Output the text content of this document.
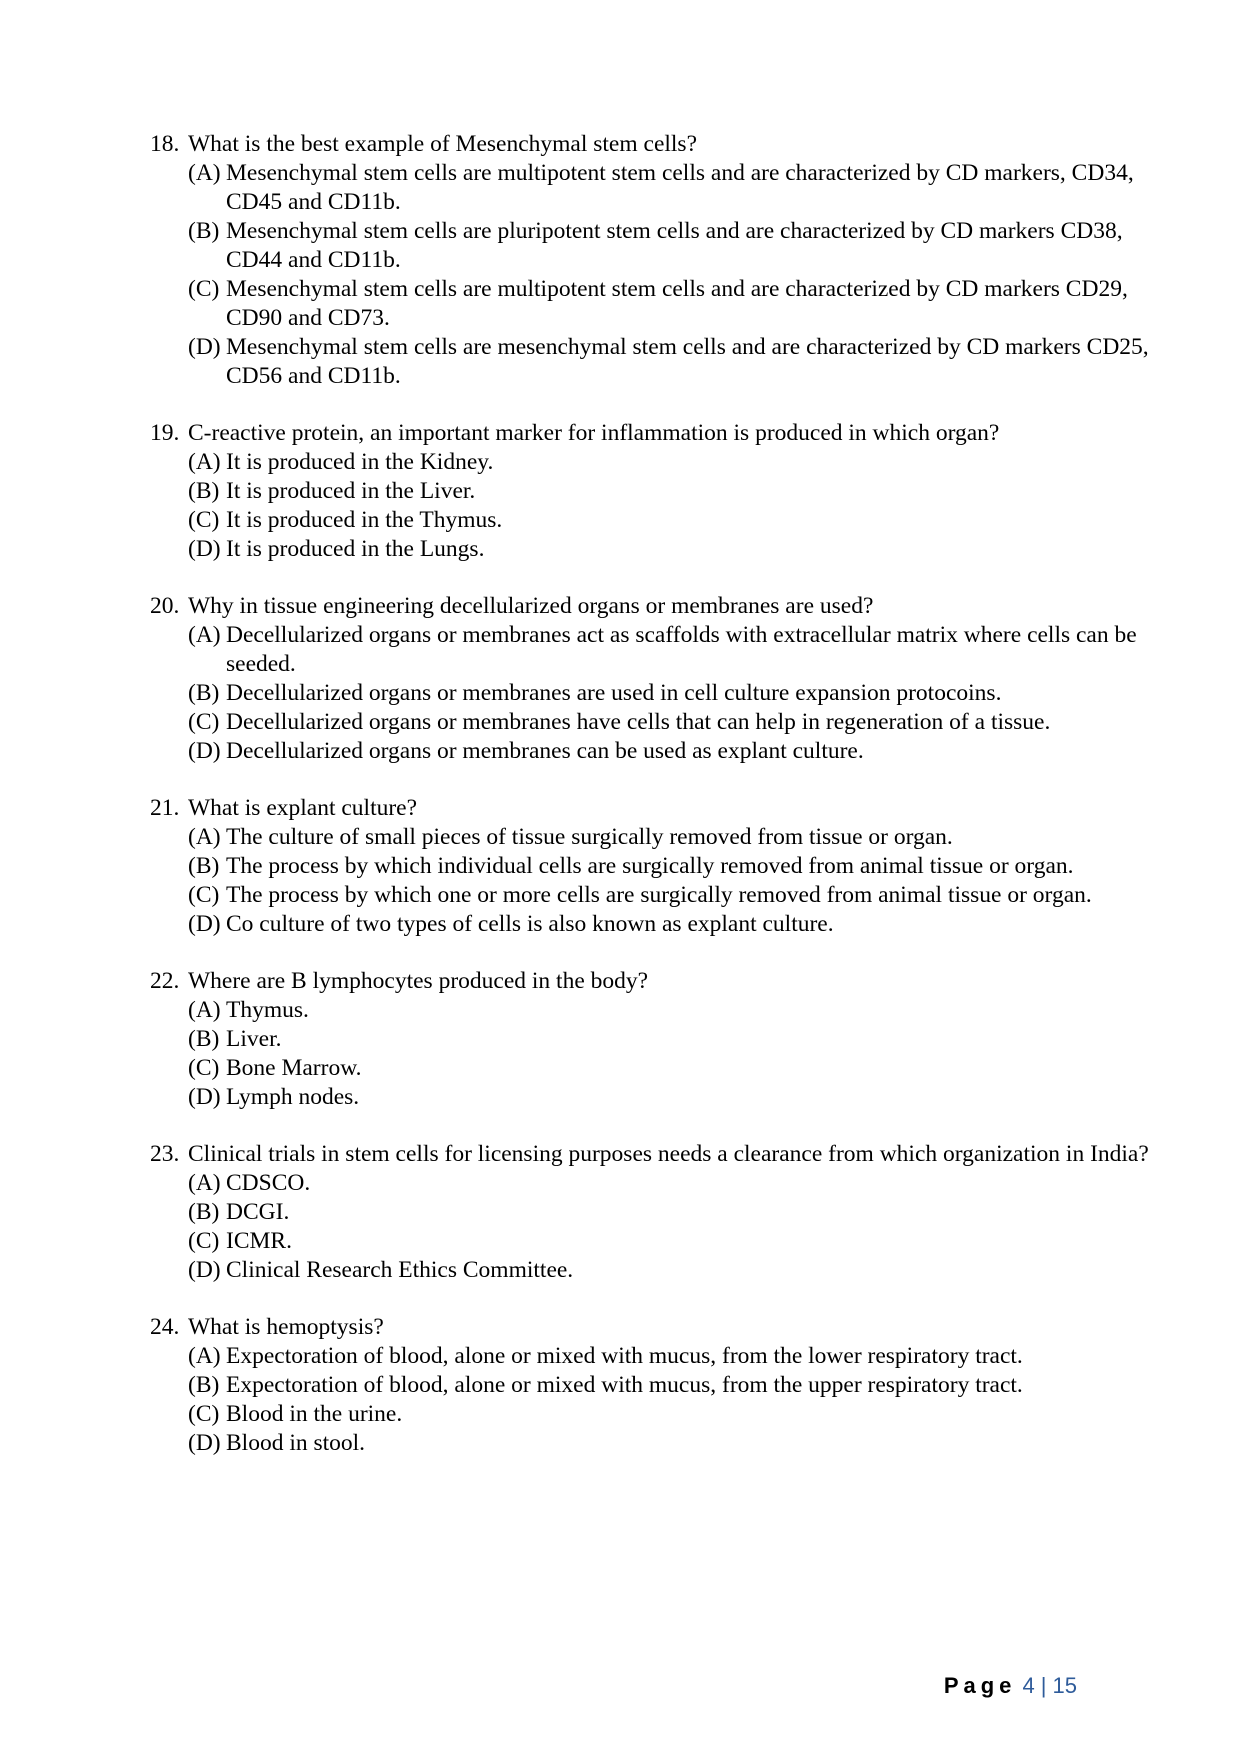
18. What is the best example of Mesenchymal stem cells?
(A) Mesenchymal stem cells are multipotent stem cells and are characterized by CD markers, CD34, CD45 and CD11b.
(B) Mesenchymal stem cells are pluripotent stem cells and are characterized by CD markers CD38, CD44 and CD11b.
(C) Mesenchymal stem cells are multipotent stem cells and are characterized by CD markers CD29, CD90 and CD73.
(D) Mesenchymal stem cells are mesenchymal stem cells and are characterized by CD markers CD25, CD56 and CD11b.
19. C-reactive protein, an important marker for inflammation is produced in which organ?
(A) It is produced in the Kidney.
(B) It is produced in the Liver.
(C) It is produced in the Thymus.
(D) It is produced in the Lungs.
20. Why in tissue engineering decellularized organs or membranes are used?
(A) Decellularized organs or membranes act as scaffolds with extracellular matrix where cells can be seeded.
(B) Decellularized organs or membranes are used in cell culture expansion protocoins.
(C) Decellularized organs or membranes have cells that can help in regeneration of a tissue.
(D) Decellularized organs or membranes can be used as explant culture.
21. What is explant culture?
(A) The culture of small pieces of tissue surgically removed from tissue or organ.
(B) The process by which individual cells are surgically removed from animal tissue or organ.
(C) The process by which one or more cells are surgically removed from animal tissue or organ.
(D) Co culture of two types of cells is also known as explant culture.
22. Where are B lymphocytes produced in the body?
(A) Thymus.
(B) Liver.
(C) Bone Marrow.
(D) Lymph nodes.
23. Clinical trials in stem cells for licensing purposes needs a clearance from which organization in India?
(A) CDSCO.
(B) DCGI.
(C) ICMR.
(D) Clinical Research Ethics Committee.
24. What is hemoptysis?
(A) Expectoration of blood, alone or mixed with mucus, from the lower respiratory tract.
(B) Expectoration of blood, alone or mixed with mucus, from the upper respiratory tract.
(C) Blood in the urine.
(D) Blood in stool.
Page 4 | 15
